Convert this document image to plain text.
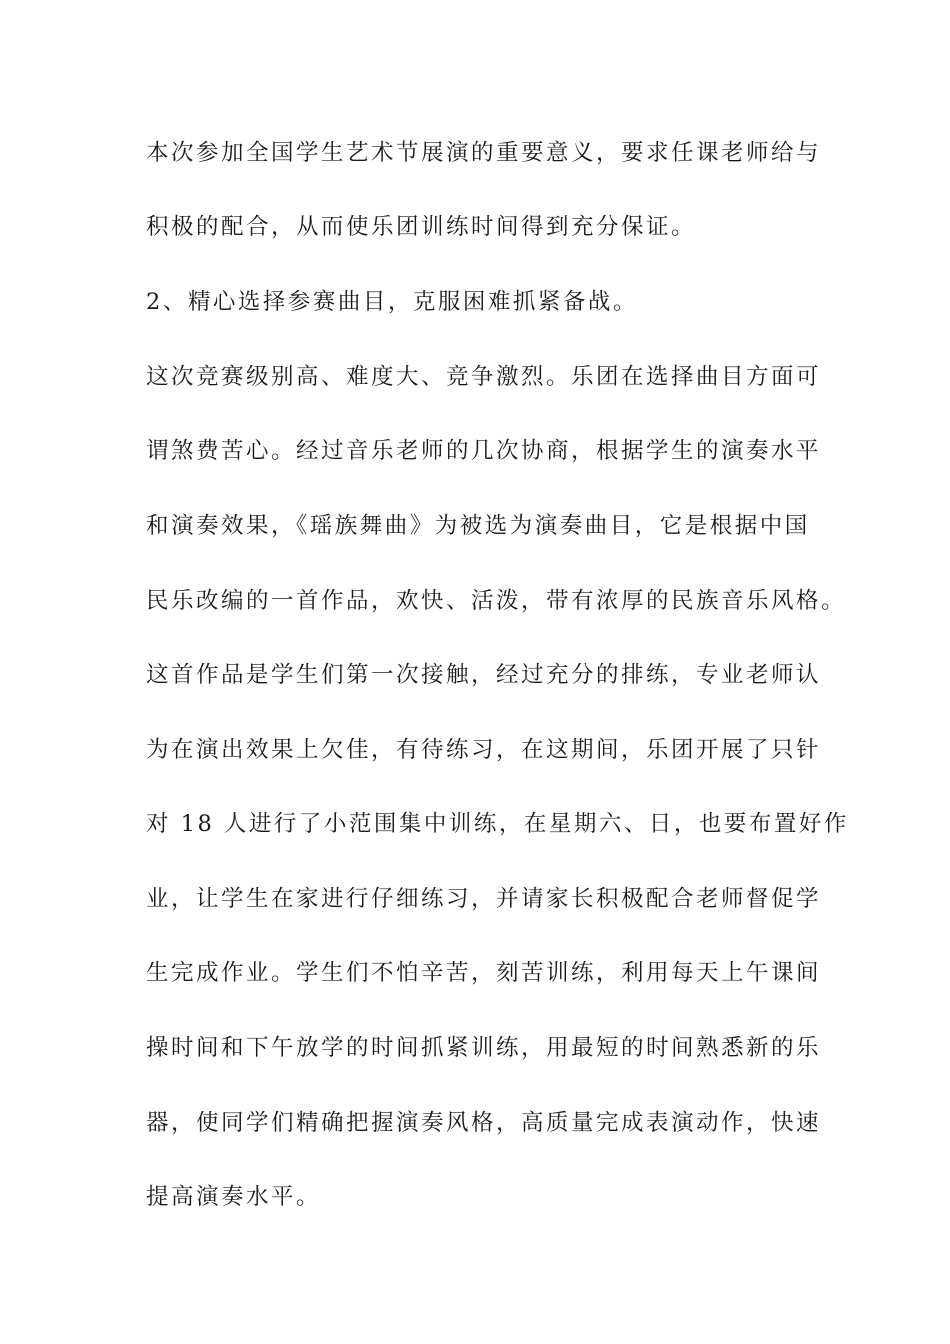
本次参加全国学生艺术节展演的重要意义，要求任课老师给与

积极的配合，从而使乐团训练时间得到充分保证。

2、精心选择参赛曲目，克服困难抓紧备战。

这次竞赛级别高、难度大、竞争激烈。乐团在选择曲目方面可

谓煞费苦心。经过音乐老师的几次协商，根据学生的演奏水平

和演奏效果，《瑶族舞曲》为被选为演奏曲目，它是根据中国

民乐改编的一首作品，欢快、活泼，带有浓厚的民族音乐风格。

这首作品是学生们第一次接触，经过充分的排练，专业老师认

为在演出效果上欠佳，有待练习，在这期间，乐团开展了只针

对 18 人进行了小范围集中训练，在星期六、日，也要布置好作

业，让学生在家进行仔细练习，并请家长积极配合老师督促学

生完成作业。学生们不怕辛苦，刻苦训练，利用每天上午课间

操时间和下午放学的时间抓紧训练，用最短的时间熟悉新的乐

器，使同学们精确把握演奏风格，高质量完成表演动作，快速

提高演奏水平。
